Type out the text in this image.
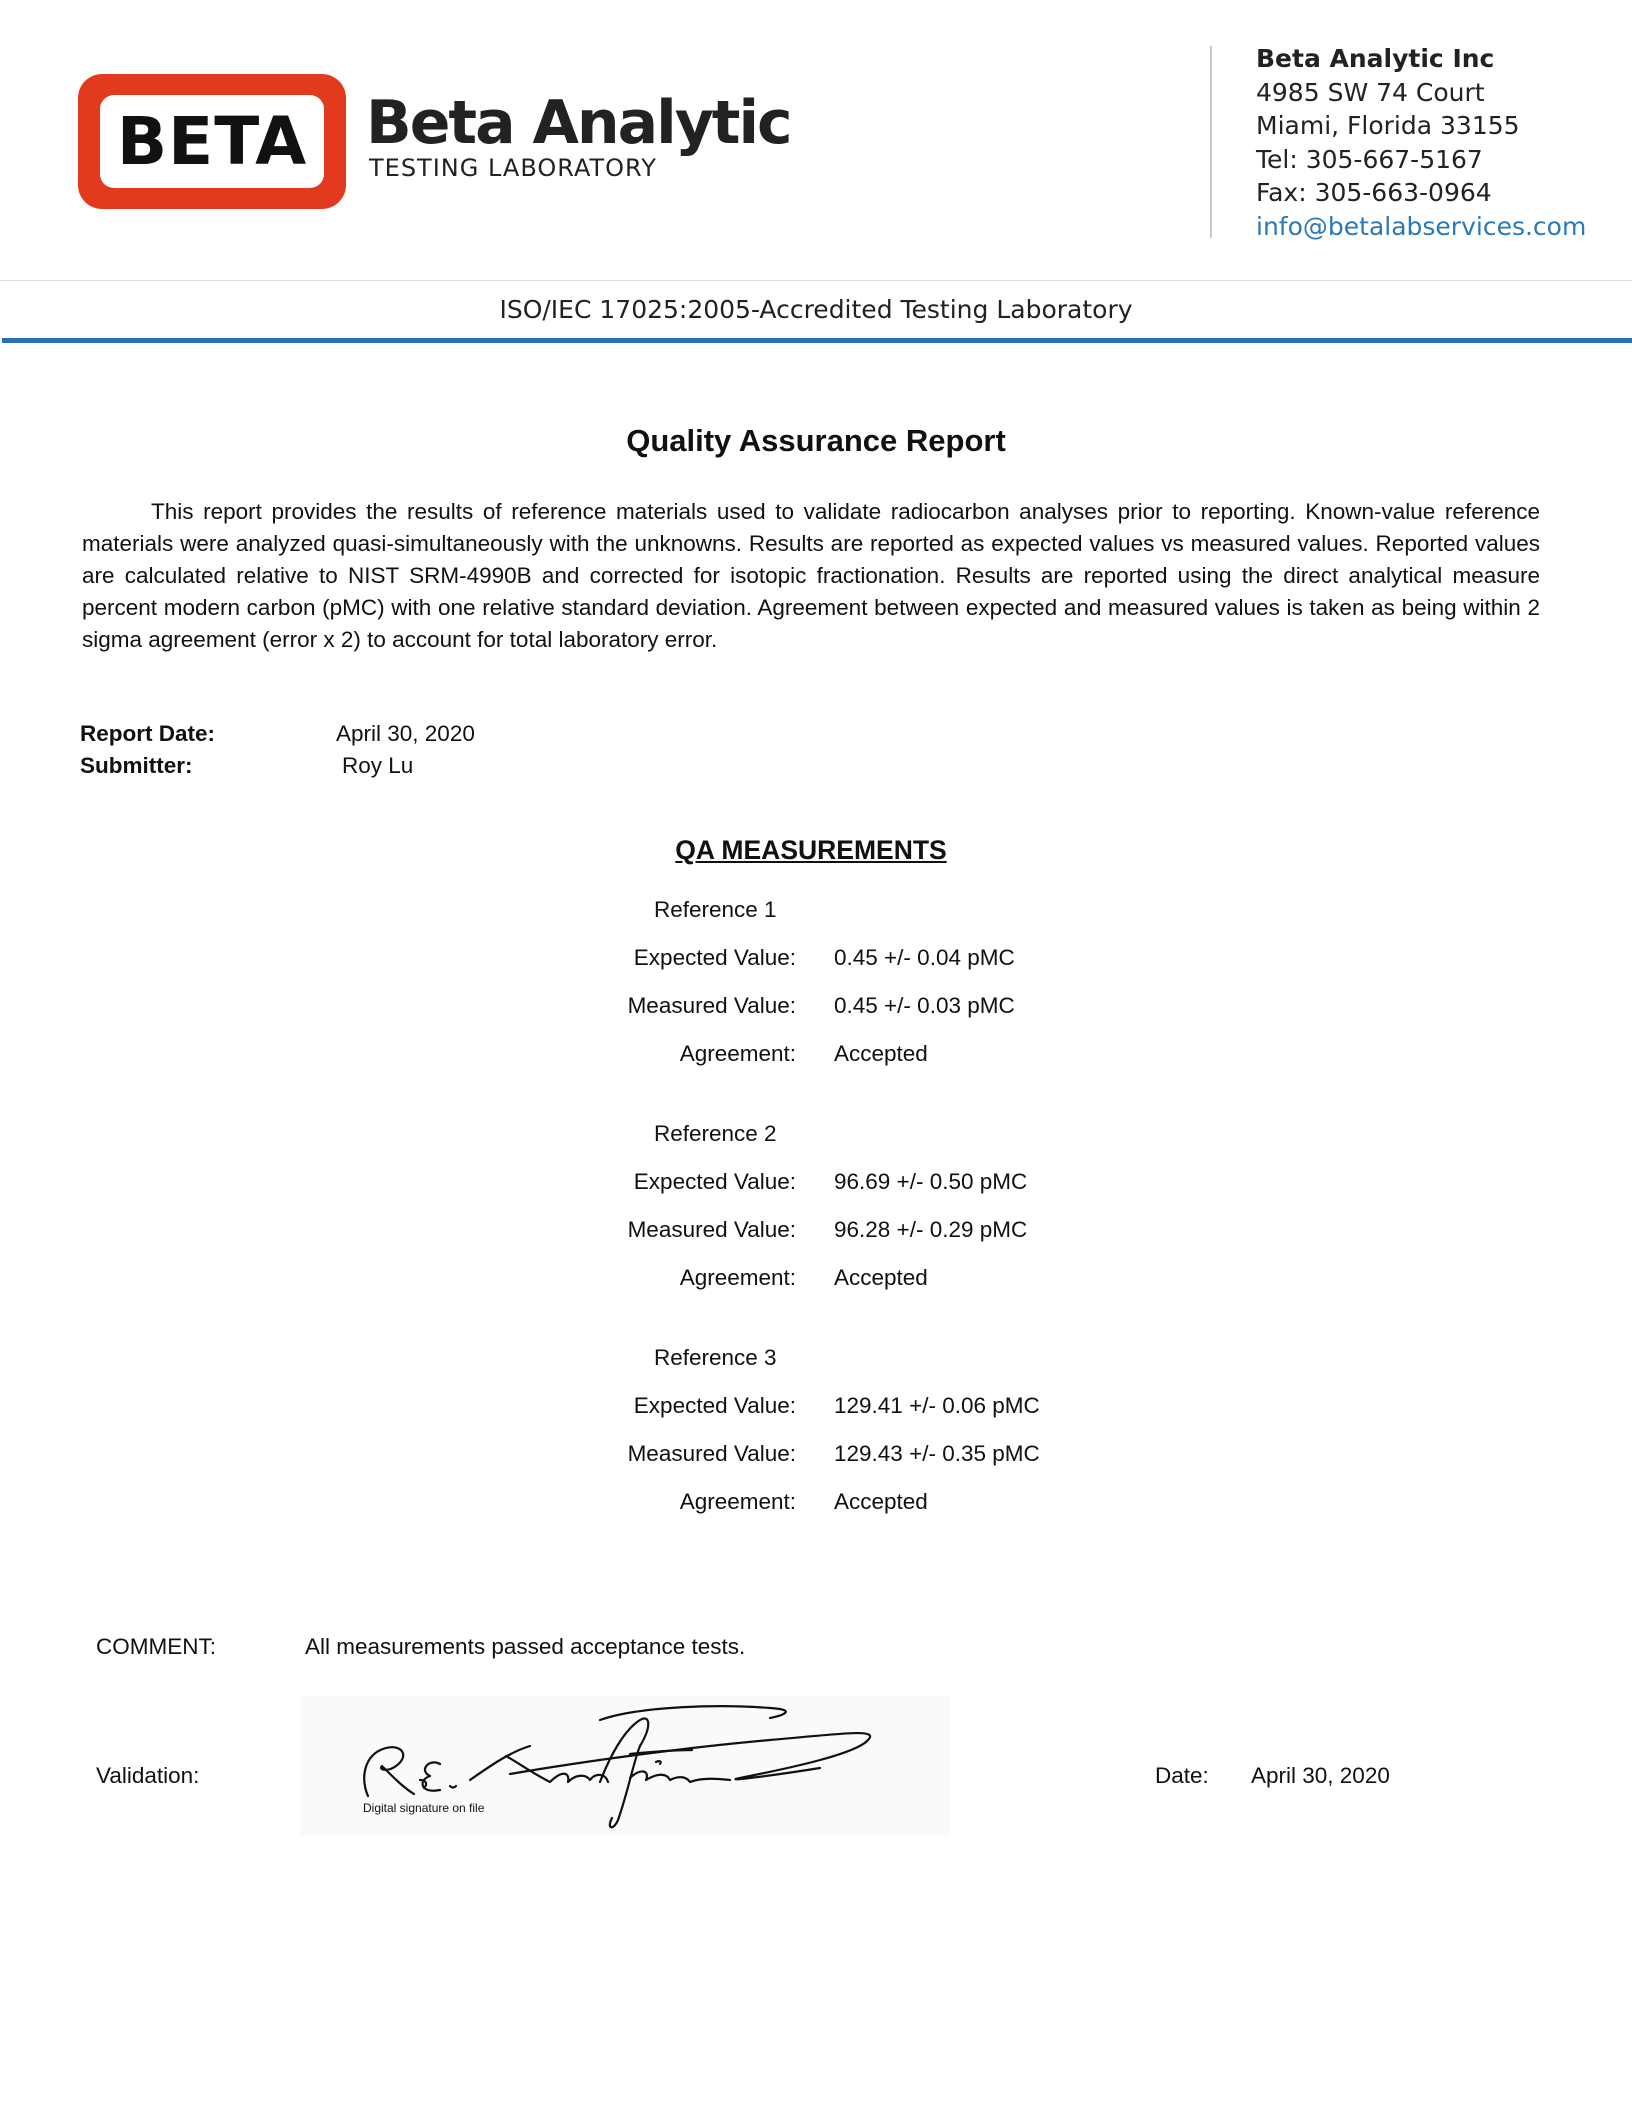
BETA Beta Analytic
TESTING LABORATORY
Beta Analytic Inc
4985 SW 74 Court
Miami, Florida 33155
Tel: 305-667-5167
Fax: 305-663-0964
info@betalabservices.com
ISO/IEC 17025:2005-Accredited Testing Laboratory
Quality Assurance Report

This report provides the results of reference materials used to validate radiocarbon analyses prior to reporting. Known-value reference materials were analyzed quasi-simultaneously with the unknowns. Results are reported as expected values vs measured values. Reported values are calculated relative to NIST SRM-4990B and corrected for isotopic fractionation. Results are reported using the direct analytical measure percent modern carbon (pMC) with one relative standard deviation. Agreement between expected and measured values is taken as being within 2 sigma agreement (error x 2) to account for total laboratory error.

Report Date:	April 30, 2020
Submitter:	Roy Lu
QA MEASUREMENTS
Reference 1
Expected Value: 0.45 +/- 0.04 pMC
Measured Value: 0.45 +/- 0.03 pMC
Agreement: Accepted
Reference 2
Expected Value: 96.69 +/- 0.50 pMC
Measured Value: 96.28 +/- 0.29 pMC
Agreement: Accepted
Reference 3
Expected Value: 129.41 +/- 0.06 pMC
Measured Value: 129.43 +/- 0.35 pMC
Agreement: Accepted
COMMENT:	All measurements passed acceptance tests.
Validation:
Digital signature on file
Date: April 30, 2020
